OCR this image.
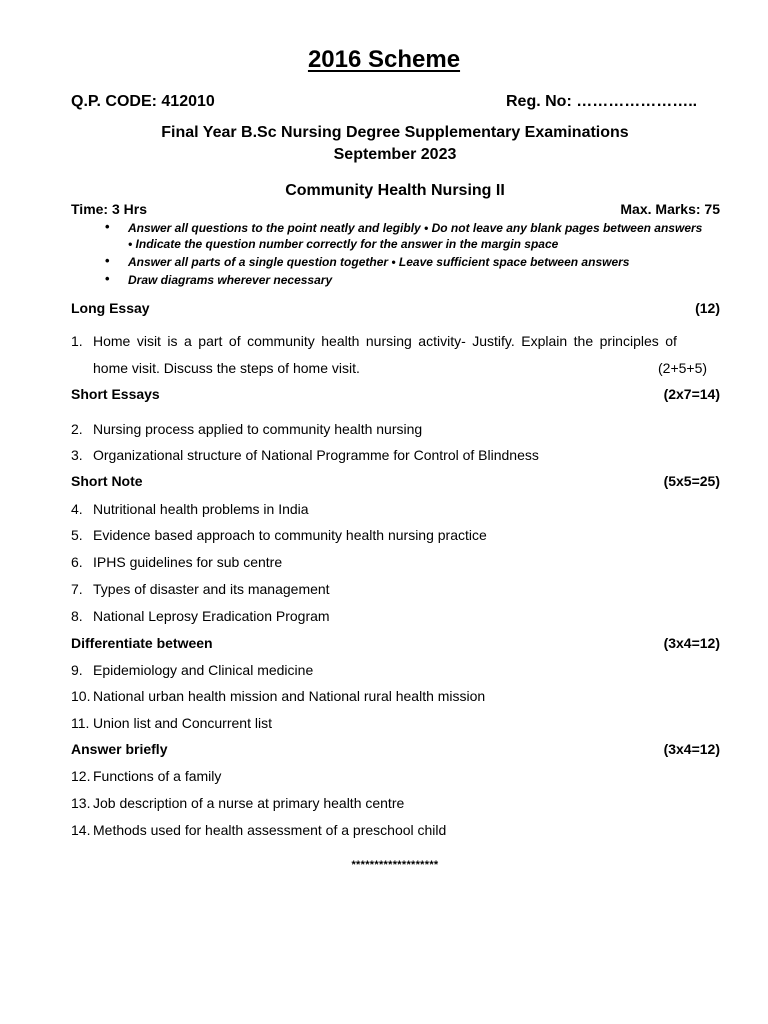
2016 Scheme
Q.P. CODE: 412010	Reg. No: …………………..
Final Year B.Sc Nursing Degree Supplementary Examinations
September 2023
Community Health Nursing II
Time: 3 Hrs	Max. Marks: 75
• Answer all questions to the point neatly and legibly • Do not leave any blank pages between answers • Indicate the question number correctly for the answer in the margin space
• Answer all parts of a single question together • Leave sufficient space between answers
• Draw diagrams wherever necessary
Long Essay	(12)
1. Home visit is a part of community health nursing activity- Justify. Explain the principles of
home visit. Discuss the steps of home visit.	(2+5+5)
Short Essays	(2x7=14)
2. Nursing process applied to community health nursing
3. Organizational structure of National Programme for Control of Blindness
Short Note	(5x5=25)
4. Nutritional health problems in India
5. Evidence based approach to community health nursing practice
6. IPHS guidelines for sub centre
7. Types of disaster and its management
8. National Leprosy Eradication Program
Differentiate between	(3x4=12)
9. Epidemiology and Clinical medicine
10. National urban health mission and National rural health mission
11. Union list and Concurrent list
Answer briefly	(3x4=12)
12. Functions of a family
13. Job description of a nurse at primary health centre
14. Methods used for health assessment of a preschool child
*******************
